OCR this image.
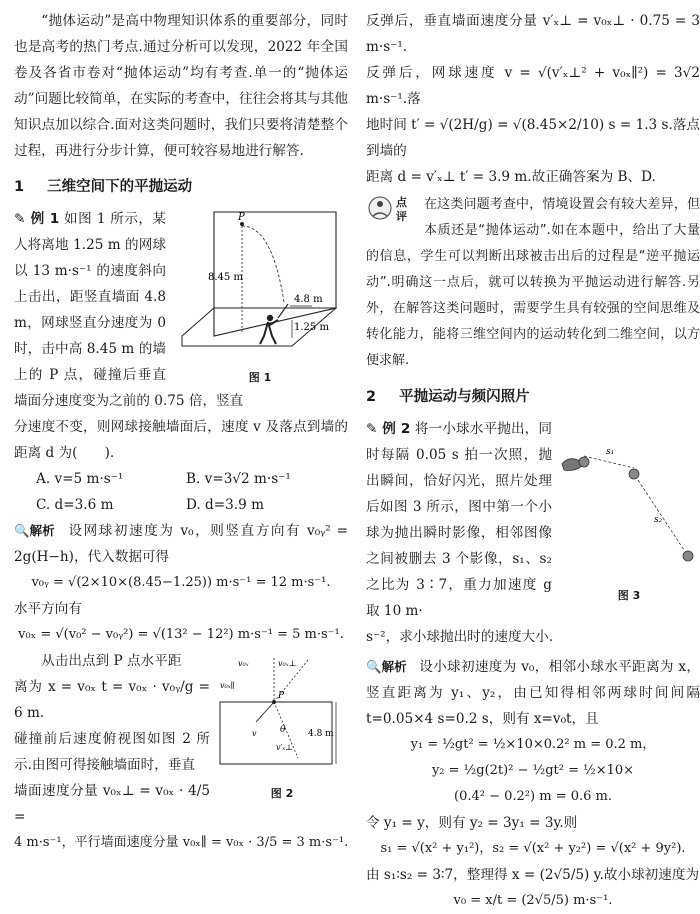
“抛体运动”是高中物理知识体系的重要部分，同时也是高考的热门考点.通过分析可以发现，2022 年全国卷及各省市卷对“抛体运动”均有考查.单一的“抛体运动”问题比较简单，在实际的考查中，往往会将其与其他知识点加以综合.面对这类问题时，我们只要将清楚整个过程，再进行分步计算，便可较容易地进行解答.

1 三维空间下的平抛运动
P
8.45 m
4.8 m
1.25 m
图 1

✎ 例 1 如图 1 所示，某人将离地 1.25 m 的网球以 13 m·s⁻¹ 的速度斜向上击出，距竖直墙面 4.8 m，网球竖直分速度为 0 时，击中高 8.45 m 的墙上的 P 点，碰撞后垂直墙面分速度变为之前的 0.75 倍，竖直

分速度不变，则网球接触墙面后，速度 v 及落点到墙的距离 d 为(　　).

A. v=5 m·s⁻¹	B. v=3√2 m·s⁻¹
C. d=3.6 m	D. d=3.9 m

🔍解析 设网球初速度为 v₀，则竖直方向有 v₀ᵧ² = 2g(H−h)，代入数据可得

v₀ᵧ = √(2×10×(8.45−1.25)) m·s⁻¹ = 12 m·s⁻¹.

水平方向有

v₀ₓ = √(v₀² − v₀ᵧ²) = √(13² − 12²) m·s⁻¹ = 5 m·s⁻¹.
v₀ₓ	v₀ₓ⊥
v₀ₓ∥
P
θ	4.8 m
v
v′ₓ⊥
图 2

从击出点到 P 点水平距

离为 x = v₀ₓ t = v₀ₓ · v₀ᵧ/g = 6 m.

碰撞前后速度俯视图如图 2 所示.由图可得接触墙面时，垂直

墙面速度分量 v₀ₓ⊥ = v₀ₓ · 4/5 =

4 m·s⁻¹，平行墙面速度分量 v₀ₓ∥ = v₀ₓ · 3/5 = 3 m·s⁻¹.

反弹后，垂直墙面速度分量 v′ₓ⊥ = v₀ₓ⊥ · 0.75 = 3 m·s⁻¹.

反弹后，网球速度 v = √(v′ₓ⊥² + v₀ₓ∥²) = 3√2 m·s⁻¹.落

地时间 t′ = √(2H/g) = √(8.45×2/10) s = 1.3 s.落点到墙的

距离 d = v′ₓ⊥ t′ = 3.9 m.故正确答案为 B、D.

点评

在这类问题考查中，情境设置会有较大差异，但本质还是“抛体运动”.如在本题中，给出了大量的信息，学生可以判断出球被击出后的过程是“逆平抛运动”.明确这一点后，就可以转换为平抛运动进行解答.另外，在解答这类问题时，需要学生具有较强的空间思维及转化能力，能将三维空间内的运动转化到二维空间，以方便求解.

2 平抛运动与频闪照片
s₁
s₂
图 3

✎ 例 2 将一小球水平抛出，同时每隔 0.05 s 拍一次照，抛出瞬间，恰好闪光，照片处理后如图 3 所示，图中第一个小球为抛出瞬时影像，相邻图像之间被删去 3 个影像，s₁、s₂ 之比为 3∶7，重力加速度 g 取 10 m·

s⁻²，求小球抛出时的速度大小.

🔍解析 设小球初速度为 v₀，相邻小球水平距离为 x，竖直距离为 y₁、y₂，由已知得相邻两球时间间隔 t=0.05×4 s=0.2 s，则有 x=v₀t，且

y₁ = ½gt² = ½×10×0.2² m = 0.2 m，
y₂ = ½g(2t)² − ½gt² = ½×10×
(0.4² − 0.2²) m = 0.6 m.

令 y₁ = y，则有 y₂ = 3y₁ = 3y.则

s₁ = √(x² + y₁²)，s₂ = √(x² + y₂²) = √(x² + 9y²).

由 s₁∶s₂ = 3∶7，整理得 x = (2√5/5) y.故小球初速度为

v₀ = x/t = (2√5/5) m·s⁻¹.
